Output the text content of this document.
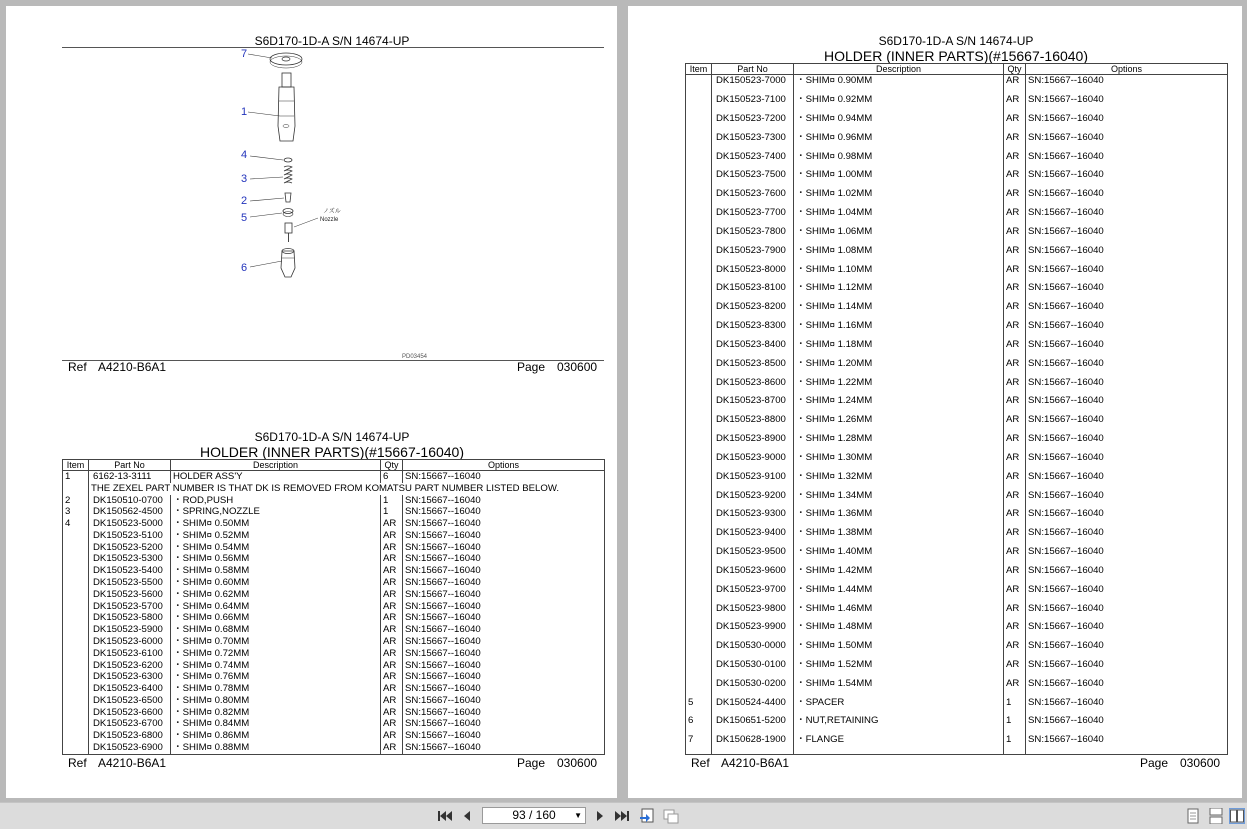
S6D170-1D-A S/N 14674-UP
7
1
4
3
2
5	ノズル
Nozzle
6
PD03454
Ref A4210-B6A1	Page 030600
S6D170-1D-A S/N 14674-UP
HOLDER (INNER PARTS)(#15667-16040)
Item	Part No	Description	Qty	Options
1	6162-13-3111	HOLDER ASS'Y	6	SN:15667--16040
	THE ZEXEL PART NUMBER IS THAT DK IS REMOVED FROM KOMATSU PART NUMBER LISTED BELOW.			
2	DK150510-0700	・ROD,PUSH	1	SN:15667--16040
3	DK150562-4500	・SPRING,NOZZLE	1	SN:15667--16040
4	DK150523-5000	・SHIM¤ 0.50MM	AR	SN:15667--16040
	DK150523-5100	・SHIM¤ 0.52MM	AR	SN:15667--16040
	DK150523-5200	・SHIM¤ 0.54MM	AR	SN:15667--16040
	DK150523-5300	・SHIM¤ 0.56MM	AR	SN:15667--16040
	DK150523-5400	・SHIM¤ 0.58MM	AR	SN:15667--16040
	DK150523-5500	・SHIM¤ 0.60MM	AR	SN:15667--16040
	DK150523-5600	・SHIM¤ 0.62MM	AR	SN:15667--16040
	DK150523-5700	・SHIM¤ 0.64MM	AR	SN:15667--16040
	DK150523-5800	・SHIM¤ 0.66MM	AR	SN:15667--16040
	DK150523-5900	・SHIM¤ 0.68MM	AR	SN:15667--16040
	DK150523-6000	・SHIM¤ 0.70MM	AR	SN:15667--16040
	DK150523-6100	・SHIM¤ 0.72MM	AR	SN:15667--16040
	DK150523-6200	・SHIM¤ 0.74MM	AR	SN:15667--16040
	DK150523-6300	・SHIM¤ 0.76MM	AR	SN:15667--16040
	DK150523-6400	・SHIM¤ 0.78MM	AR	SN:15667--16040
	DK150523-6500	・SHIM¤ 0.80MM	AR	SN:15667--16040
	DK150523-6600	・SHIM¤ 0.82MM	AR	SN:15667--16040
	DK150523-6700	・SHIM¤ 0.84MM	AR	SN:15667--16040
	DK150523-6800	・SHIM¤ 0.86MM	AR	SN:15667--16040
	DK150523-6900	・SHIM¤ 0.88MM	AR	SN:15667--16040

Ref A4210-B6A1	Page 030600
S6D170-1D-A S/N 14674-UP
HOLDER (INNER PARTS)(#15667-16040)
Item	Part No	Description	Qty	Options
	DK150523-7000	・SHIM¤ 0.90MM	AR	SN:15667--16040
	DK150523-7100	・SHIM¤ 0.92MM	AR	SN:15667--16040
	DK150523-7200	・SHIM¤ 0.94MM	AR	SN:15667--16040
	DK150523-7300	・SHIM¤ 0.96MM	AR	SN:15667--16040
	DK150523-7400	・SHIM¤ 0.98MM	AR	SN:15667--16040
	DK150523-7500	・SHIM¤ 1.00MM	AR	SN:15667--16040
	DK150523-7600	・SHIM¤ 1.02MM	AR	SN:15667--16040
	DK150523-7700	・SHIM¤ 1.04MM	AR	SN:15667--16040
	DK150523-7800	・SHIM¤ 1.06MM	AR	SN:15667--16040
	DK150523-7900	・SHIM¤ 1.08MM	AR	SN:15667--16040
	DK150523-8000	・SHIM¤ 1.10MM	AR	SN:15667--16040
	DK150523-8100	・SHIM¤ 1.12MM	AR	SN:15667--16040
	DK150523-8200	・SHIM¤ 1.14MM	AR	SN:15667--16040
	DK150523-8300	・SHIM¤ 1.16MM	AR	SN:15667--16040
	DK150523-8400	・SHIM¤ 1.18MM	AR	SN:15667--16040
	DK150523-8500	・SHIM¤ 1.20MM	AR	SN:15667--16040
	DK150523-8600	・SHIM¤ 1.22MM	AR	SN:15667--16040
	DK150523-8700	・SHIM¤ 1.24MM	AR	SN:15667--16040
	DK150523-8800	・SHIM¤ 1.26MM	AR	SN:15667--16040
	DK150523-8900	・SHIM¤ 1.28MM	AR	SN:15667--16040
	DK150523-9000	・SHIM¤ 1.30MM	AR	SN:15667--16040
	DK150523-9100	・SHIM¤ 1.32MM	AR	SN:15667--16040
	DK150523-9200	・SHIM¤ 1.34MM	AR	SN:15667--16040
	DK150523-9300	・SHIM¤ 1.36MM	AR	SN:15667--16040
	DK150523-9400	・SHIM¤ 1.38MM	AR	SN:15667--16040
	DK150523-9500	・SHIM¤ 1.40MM	AR	SN:15667--16040
	DK150523-9600	・SHIM¤ 1.42MM	AR	SN:15667--16040
	DK150523-9700	・SHIM¤ 1.44MM	AR	SN:15667--16040
	DK150523-9800	・SHIM¤ 1.46MM	AR	SN:15667--16040
	DK150523-9900	・SHIM¤ 1.48MM	AR	SN:15667--16040
	DK150530-0000	・SHIM¤ 1.50MM	AR	SN:15667--16040
	DK150530-0100	・SHIM¤ 1.52MM	AR	SN:15667--16040
	DK150530-0200	・SHIM¤ 1.54MM	AR	SN:15667--16040
5	DK150524-4400	・SPACER	1	SN:15667--16040
6	DK150651-5200	・NUT,RETAINING	1	SN:15667--16040
7	DK150628-1900	・FLANGE	1	SN:15667--16040

Ref A4210-B6A1	Page 030600
93 / 160 ▼
